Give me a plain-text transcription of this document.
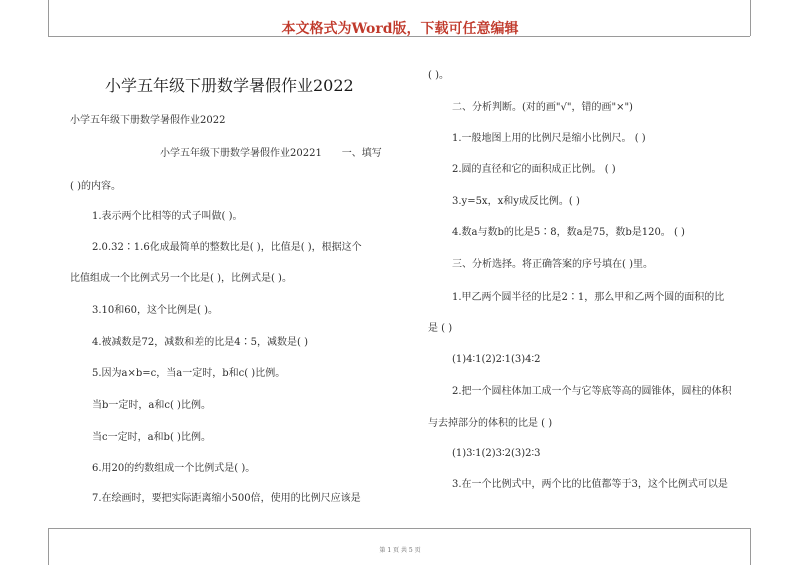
本文格式为Word版，下载可任意编辑
小学五年级下册数学暑假作业2022
小学五年级下册数学暑假作业2022
小学五年级下册数学暑假作业20221　　一、填写
( )的内容。
1.表示两个比相等的式子叫做( )。
2.0.32∶1.6化成最简单的整数比是( )，比值是( )，根据这个
比值组成一个比例式另一个比是( )，比例式是( )。
3.10和60，这个比例是( )。
4.被减数是72，减数和差的比是4∶5，减数是( )
5.因为a×b=c，当a一定时，b和c( )比例。
当b一定时，a和c( )比例。
当c一定时，a和b( )比例。
6.用20的约数组成一个比例式是( )。
7.在绘画时，要把实际距离缩小500倍，使用的比例尺应该是
( )。
二、分析判断。(对的画"√"，错的画"×")
1.一般地图上用的比例尺是缩小比例尺。 ( )
2.圆的直径和它的面积成正比例。 ( )
3.y=5x，x和y成反比例。( )
4.数a与数b的比是5∶8，数a是75，数b是120。 ( )
三、分析选择。将正确答案的序号填在( )里。
1.甲乙两个圆半径的比是2∶1，那么甲和乙两个圆的面积的比
是 ( )
(1)4∶1(2)2∶1(3)4∶2
2.把一个圆柱体加工成一个与它等底等高的圆锥体，圆柱的体积
与去掉部分的体积的比是 ( )
(1)3∶1(2)3∶2(3)2∶3
3.在一个比例式中，两个比的比值都等于3，这个比例式可以是
第 1 页 共 5 页
